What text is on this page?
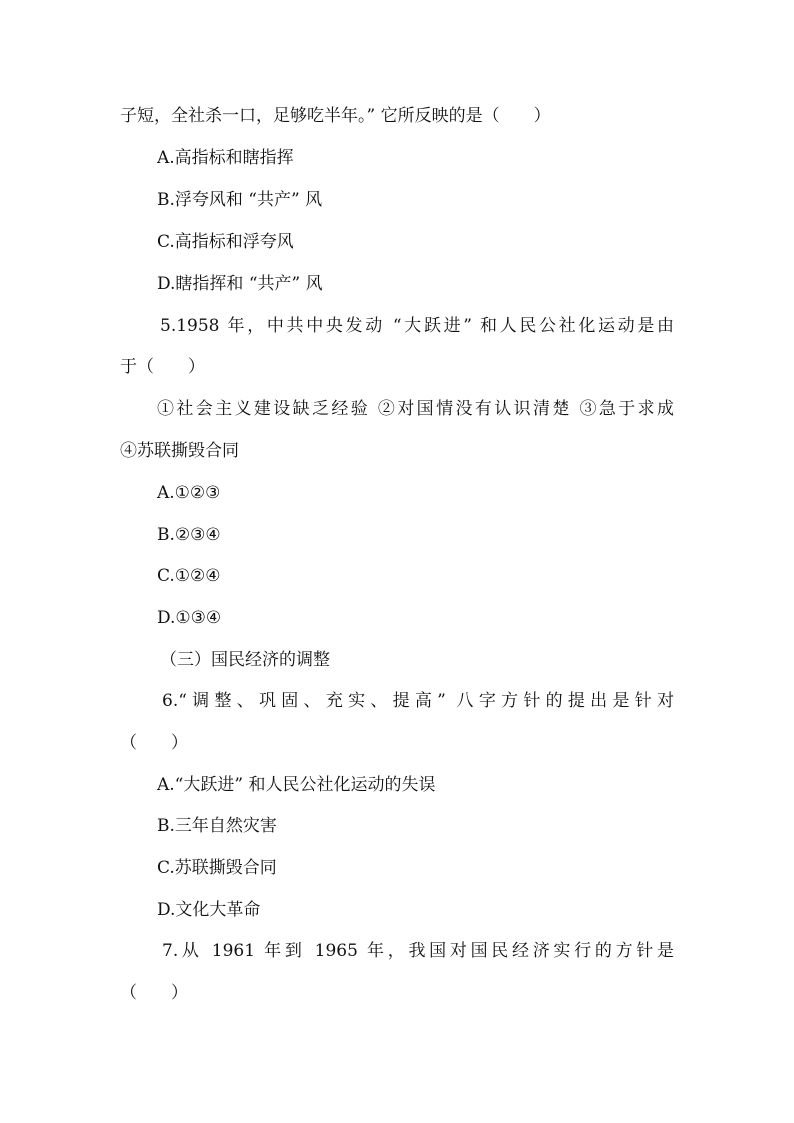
子短，全社杀一口，足够吃半年。” 它所反映的是（　　）
A.高指标和瞎指挥
B.浮夸风和 “共产” 风
C.高指标和浮夸风
D.瞎指挥和 “共产” 风
5.1958 年，中共中央发动 “大跃进” 和人民公社化运动是由
于（　　）
①社会主义建设缺乏经验 ②对国情没有认识清楚 ③急于求成
④苏联撕毁合同
A.①②③
B.②③④
C.①②④
D.①③④
（三）国民经济的调整
6.“调整、巩固、充实、提高” 八字方针的提出是针对
（　　）
A.“大跃进” 和人民公社化运动的失误
B.三年自然灾害
C.苏联撕毁合同
D.文化大革命
7.从 1961 年到 1965 年，我国对国民经济实行的方针是
（　　）
